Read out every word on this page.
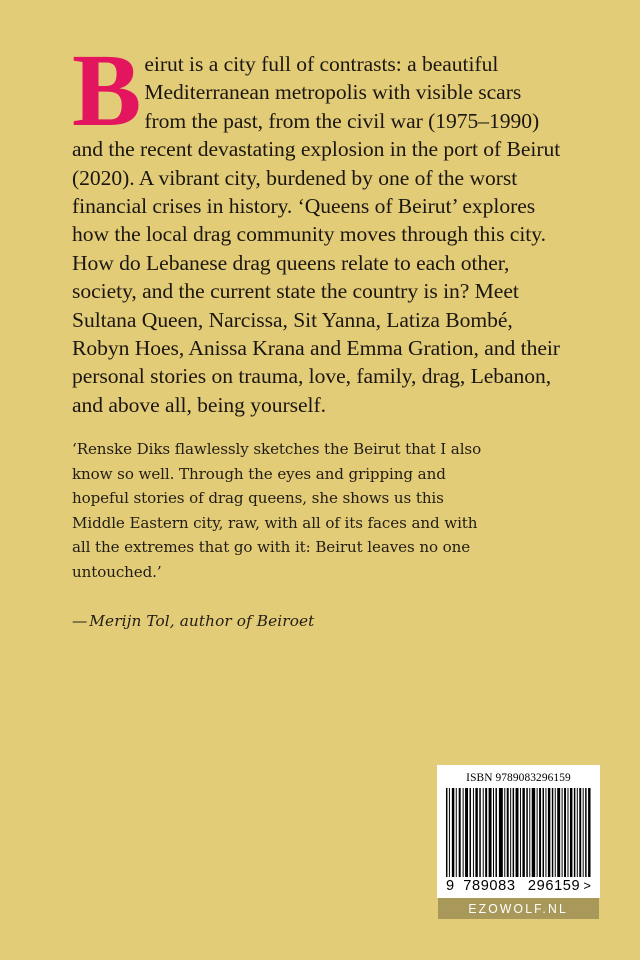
Beirut is a city full of contrasts: a beautiful Mediterranean metropolis with visible scars from the past, from the civil war (1975–1990) and the recent devastating explosion in the port of Beirut (2020). A vibrant city, burdened by one of the worst financial crises in history. ‘Queens of Beirut’ explores how the local drag community moves through this city. How do Lebanese drag queens relate to each other, society, and the current state the country is in? Meet Sultana Queen, Narcissa, Sit Yanna, Latiza Bombé, Robyn Hoes, Anissa Krana and Emma Gration, and their personal stories on trauma, love, family, drag, Lebanon, and above all, being yourself.
‘Renske Diks flawlessly sketches the Beirut that I also know so well. Through the eyes and gripping and hopeful stories of drag queens, she shows us this Middle Eastern city, raw, with all of its faces and with all the extremes that go with it: Beirut leaves no one untouched.’
— Merijn Tol, author of Beiroet
ISBN 9789083296159
9 789083 296159 >
EZOWOLF.NL
